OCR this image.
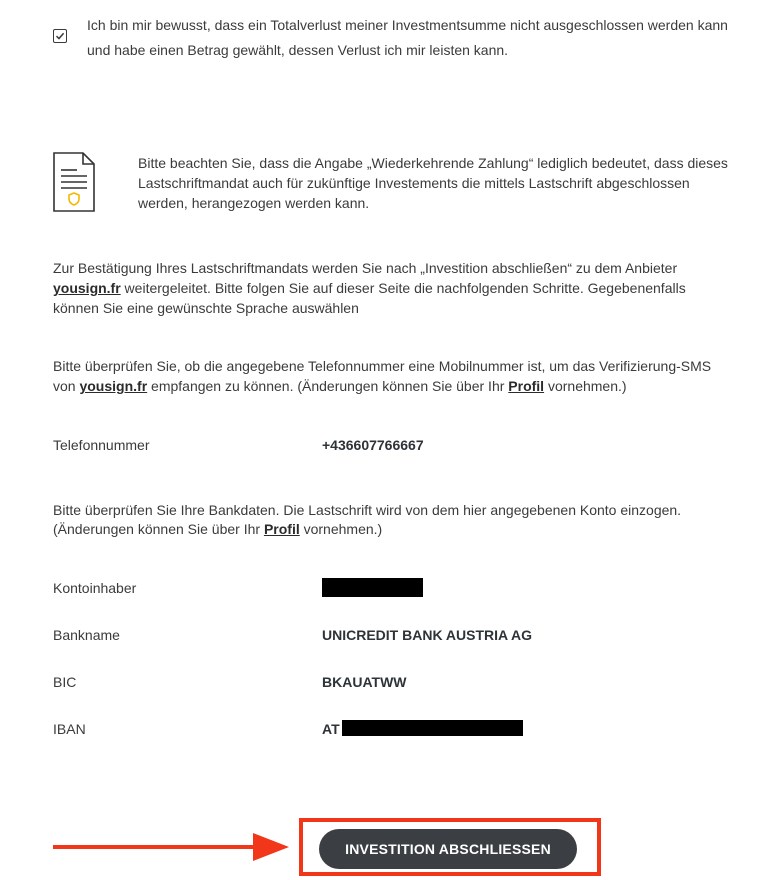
Ich bin mir bewusst, dass ein Totalverlust meiner Investmentsumme nicht ausgeschlossen werden kann
und habe einen Betrag gewählt, dessen Verlust ich mir leisten kann.
Bitte beachten Sie, dass die Angabe „Wiederkehrende Zahlung“ lediglich bedeutet, dass dieses
Lastschriftmandat auch für zukünftige Investements die mittels Lastschrift abgeschlossen
werden, herangezogen werden kann.
Zur Bestätigung Ihres Lastschriftmandats werden Sie nach „Investition abschließen“ zu dem Anbieter
yousign.fr weitergeleitet. Bitte folgen Sie auf dieser Seite die nachfolgenden Schritte. Gegebenenfalls
können Sie eine gewünschte Sprache auswählen
Bitte überprüfen Sie, ob die angegebene Telefonnummer eine Mobilnummer ist, um das Verifizierung-SMS
von yousign.fr empfangen zu können. (Änderungen können Sie über Ihr Profil vornehmen.)
Telefonnummer	+436607766667
Bitte überprüfen Sie Ihre Bankdaten. Die Lastschrift wird von dem hier angegebenen Konto einzogen.
(Änderungen können Sie über Ihr Profil vornehmen.)
Kontoinhaber
Bankname	UNICREDIT BANK AUSTRIA AG
BIC	BKAUATWW
IBAN	AT
INVESTITION ABSCHLIESSEN
